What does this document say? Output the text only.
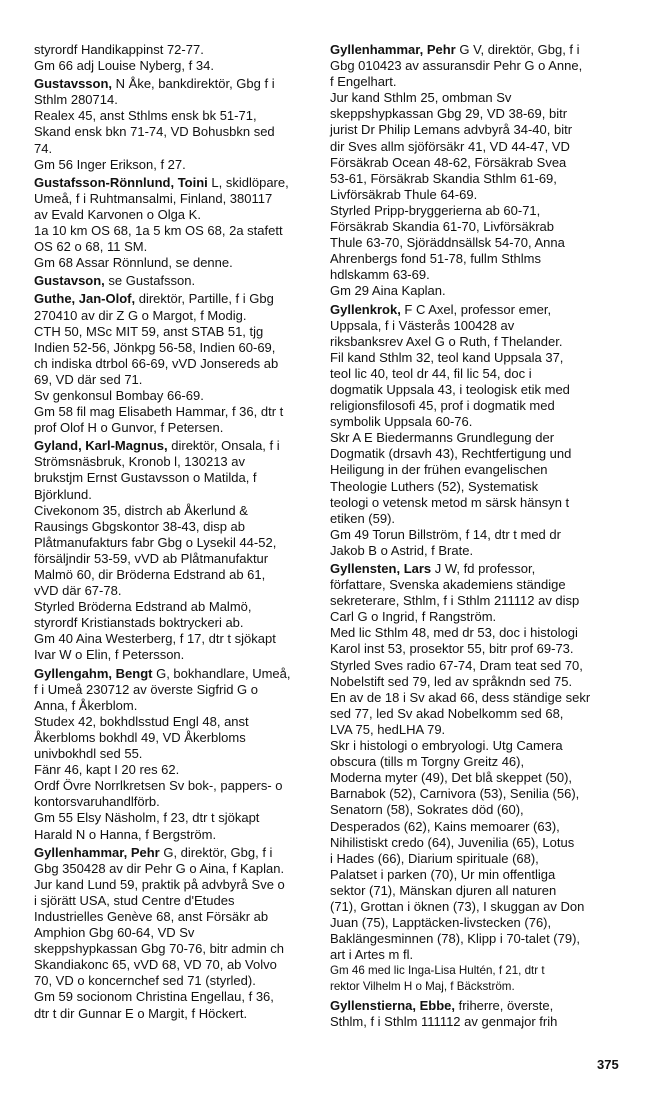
styrordf Handikappinst 72-77.
Gm 66 adj Louise Nyberg, f 34.

Gustavsson, N Åke, bankdirektör, Gbg f i
Sthlm 280714.
Realex 45, anst Sthlms ensk bk 51-71,
Skand ensk bkn 71-74, VD Bohusbkn sed
74.
Gm 56 Inger Erikson, f 27.

Gustafsson-Rönnlund, Toini L, skidlöpare,
Umeå, f i Ruhtmansalmi, Finland, 380117
av Evald Karvonen o Olga K.
1a 10 km OS 68, 1a 5 km OS 68, 2a stafett
OS 62 o 68, 11 SM.
Gm 68 Assar Rönnlund, se denne.

Gustavson, se Gustafsson.

Guthe, Jan-Olof, direktör, Partille, f i Gbg
270410 av dir Z G o Margot, f Modig.
CTH 50, MSc MIT 59, anst STAB 51, tjg
Indien 52-56, Jönkpg 56-58, Indien 60-69,
ch indiska dtrbol 66-69, vVD Jonsereds ab
69, VD där sed 71.
Sv genkonsul Bombay 66-69.
Gm 58 fil mag Elisabeth Hammar, f 36, dtr t
prof Olof H o Gunvor, f Petersen.

Gyland, Karl-Magnus, direktör, Onsala, f i
Strömsnäsbruk, Kronob l, 130213 av
brukstjm Ernst Gustavsson o Matilda, f
Björklund.
Civekonom 35, distrch ab Åkerlund &
Rausings Gbgskontor 38-43, disp ab
Plåtmanufakturs fabr Gbg o Lysekil 44-52,
försäljndir 53-59, vVD ab Plåtmanufaktur
Malmö 60, dir Bröderna Edstrand ab 61,
vVD där 67-78.
Styrled Bröderna Edstrand ab Malmö,
styrordf Kristianstads boktryckeri ab.
Gm 40 Aina Westerberg, f 17, dtr t sjökapt
Ivar W o Elin, f Petersson.

Gyllengahm, Bengt G, bokhandlare, Umeå,
f i Umeå 230712 av överste Sigfrid G o
Anna, f Åkerblom.
Studex 42, bokhdlsstud Engl 48, anst
Åkerbloms bokhdl 49, VD Åkerbloms
univbokhdl sed 55.
Fänr 46, kapt I 20 res 62.
Ordf Övre Norrlkretsen Sv bok-, pappers- o
kontorsvaruhandlförb.
Gm 55 Elsy Näsholm, f 23, dtr t sjökapt
Harald N o Hanna, f Bergström.

Gyllenhammar, Pehr G, direktör, Gbg, f i
Gbg 350428 av dir Pehr G o Aina, f Kaplan.
Jur kand Lund 59, praktik på advbyrå Sve o
i sjörätt USA, stud Centre d'Etudes
Industrielles Genève 68, anst Försäkr ab
Amphion Gbg 60-64, VD Sv
skeppshypkassan Gbg 70-76, bitr admin ch
Skandiakonc 65, vVD 68, VD 70, ab Volvo
70, VD o koncernchef sed 71 (styrled).
Gm 59 socionom Christina Engellau, f 36,
dtr t dir Gunnar E o Margit, f Höckert.

Gyllenhammar, Pehr G V, direktör, Gbg, f i
Gbg 010423 av assuransdir Pehr G o Anne,
f Engelhart.
Jur kand Sthlm 25, ombman Sv
skeppshypkassan Gbg 29, VD 38-69, bitr
jurist Dr Philip Lemans advbyrå 34-40, bitr
dir Sves allm sjöförsäkr 41, VD 44-47, VD
Försäkrab Ocean 48-62, Försäkrab Svea
53-61, Försäkrab Skandia Sthlm 61-69,
Livförsäkrab Thule 64-69.
Styrled Pripp-bryggerierna ab 60-71,
Försäkrab Skandia 61-70, Livförsäkrab
Thule 63-70, Sjöräddnsällsk 54-70, Anna
Ahrenbergs fond 51-78, fullm Sthlms
hdlskamm 63-69.
Gm 29 Aina Kaplan.

Gyllenkrok, F C Axel, professor emer,
Uppsala, f i Västerås 100428 av
riksbanksrev Axel G o Ruth, f Thelander.
Fil kand Sthlm 32, teol kand Uppsala 37,
teol lic 40, teol dr 44, fil lic 54, doc i
dogmatik Uppsala 43, i teologisk etik med
religionsfilosofi 45, prof i dogmatik med
symbolik Uppsala 60-76.
Skr A E Biedermanns Grundlegung der
Dogmatik (drsavh 43), Rechtfertigung und
Heiligung in der frühen evangelischen
Theologie Luthers (52), Systematisk
teologi o vetensk metod m särsk hänsyn t
etiken (59).
Gm 49 Torun Billström, f 14, dtr t med dr
Jakob B o Astrid, f Brate.

Gyllensten, Lars J W, fd professor,
författare, Svenska akademiens ständige
sekreterare, Sthlm, f i Sthlm 211112 av disp
Carl G o Ingrid, f Rangström.
Med lic Sthlm 48, med dr 53, doc i histologi
Karol inst 53, prosektor 55, bitr prof 69-73.
Styrled Sves radio 67-74, Dram teat sed 70,
Nobelstift sed 79, led av språkndn sed 75.
En av de 18 i Sv akad 66, dess ständige sekr
sed 77, led Sv akad Nobelkomm sed 68,
LVA 75, hedLHA 79.
Skr i histologi o embryologi. Utg Camera
obscura (tills m Torgny Greitz 46),
Moderna myter (49), Det blå skeppet (50),
Barnabok (52), Carnivora (53), Senilia (56),
Senatorn (58), Sokrates död (60),
Desperados (62), Kains memoarer (63),
Nihilistiskt credo (64), Juvenilia (65), Lotus
i Hades (66), Diarium spirituale (68),
Palatset i parken (70), Ur min offentliga
sektor (71), Mänskan djuren all naturen
(71), Grottan i öknen (73), I skuggan av Don
Juan (75), Lapptäcken-livstecken (76),
Baklängesminnen (78), Klipp i 70-talet (79),
art i Artes m fl.

Gm 46 med lic Inga-Lisa Hultén, f 21, dtr t
rektor Vilhelm H o Maj, f Bäckström.

Gyllenstierna, Ebbe, friherre, överste,
Sthlm, f i Sthlm 111112 av genmajor frih

375
